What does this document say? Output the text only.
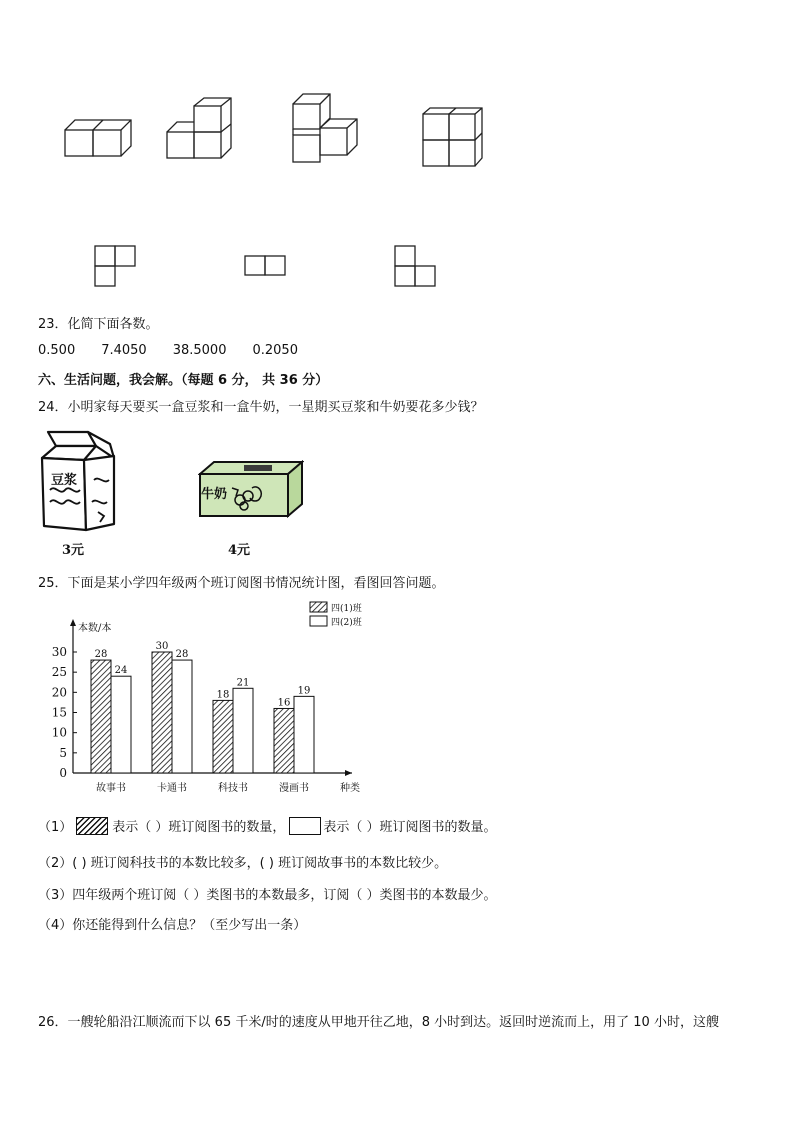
23．化简下面各数。
0.500 7.4050 38.5000 0.2050
六、生活问题，我会解。（每题 6 分， 共 36 分）
24．小明家每天要买一盒豆浆和一盒牛奶，一星期买豆浆和牛奶要花多少钱？
豆浆
牛奶
3元	4元
25．下面是某小学四年级两个班订阅图书情况统计图，看图回答问题。
本数/本
种类
0
5
10
15
20
25
30	28
24
故事书
30
28
卡通书
18
21
科技书
16
19
漫画书
四(1)班
四(2)班
（1）	表示（ ）班订阅图书的数量，	表示（ ）班订阅图书的数量。
（2）( ) 班订阅科技书的本数比较多，( ) 班订阅故事书的本数比较少。
（3）四年级两个班订阅（ ）类图书的本数最多，订阅（ ）类图书的本数最少。
（4）你还能得到什么信息？（至少写出一条）
26．一艘轮船沿江顺流而下以 65 千米/时的速度从甲地开往乙地，8 小时到达。返回时逆流而上，用了 10 小时，这艘
